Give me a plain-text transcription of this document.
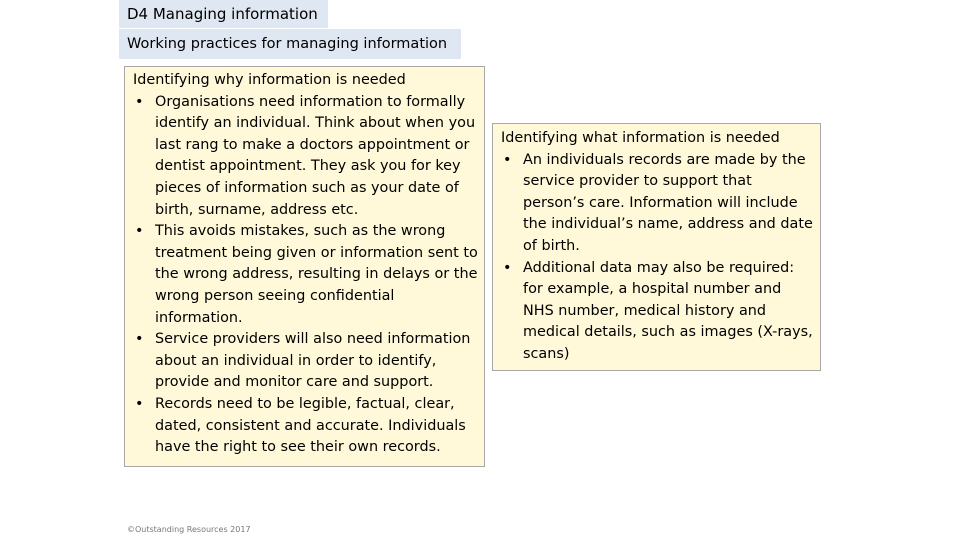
D4 Managing information
Working practices for managing information
Identifying why information is needed
• Organisations need information to formally identify an individual. Think about when you last rang to make a doctors appointment or dentist appointment. They ask you for key pieces of information such as your date of birth, surname, address etc.
• This avoids mistakes, such as the wrong treatment being given or information sent to the wrong address, resulting in delays or the wrong person seeing confidential information.
• Service providers will also need information about an individual in order to identify, provide and monitor care and support.
• Records need to be legible, factual, clear, dated, consistent and accurate. Individuals have the right to see their own records.
Identifying what information is needed
• An individuals records are made by the service provider to support that person’s care. Information will include the individual’s name, address and date of birth.
• Additional data may also be required: for example, a hospital number and NHS number, medical history and medical details, such as images (X-rays, scans)
©Outstanding Resources 2017
